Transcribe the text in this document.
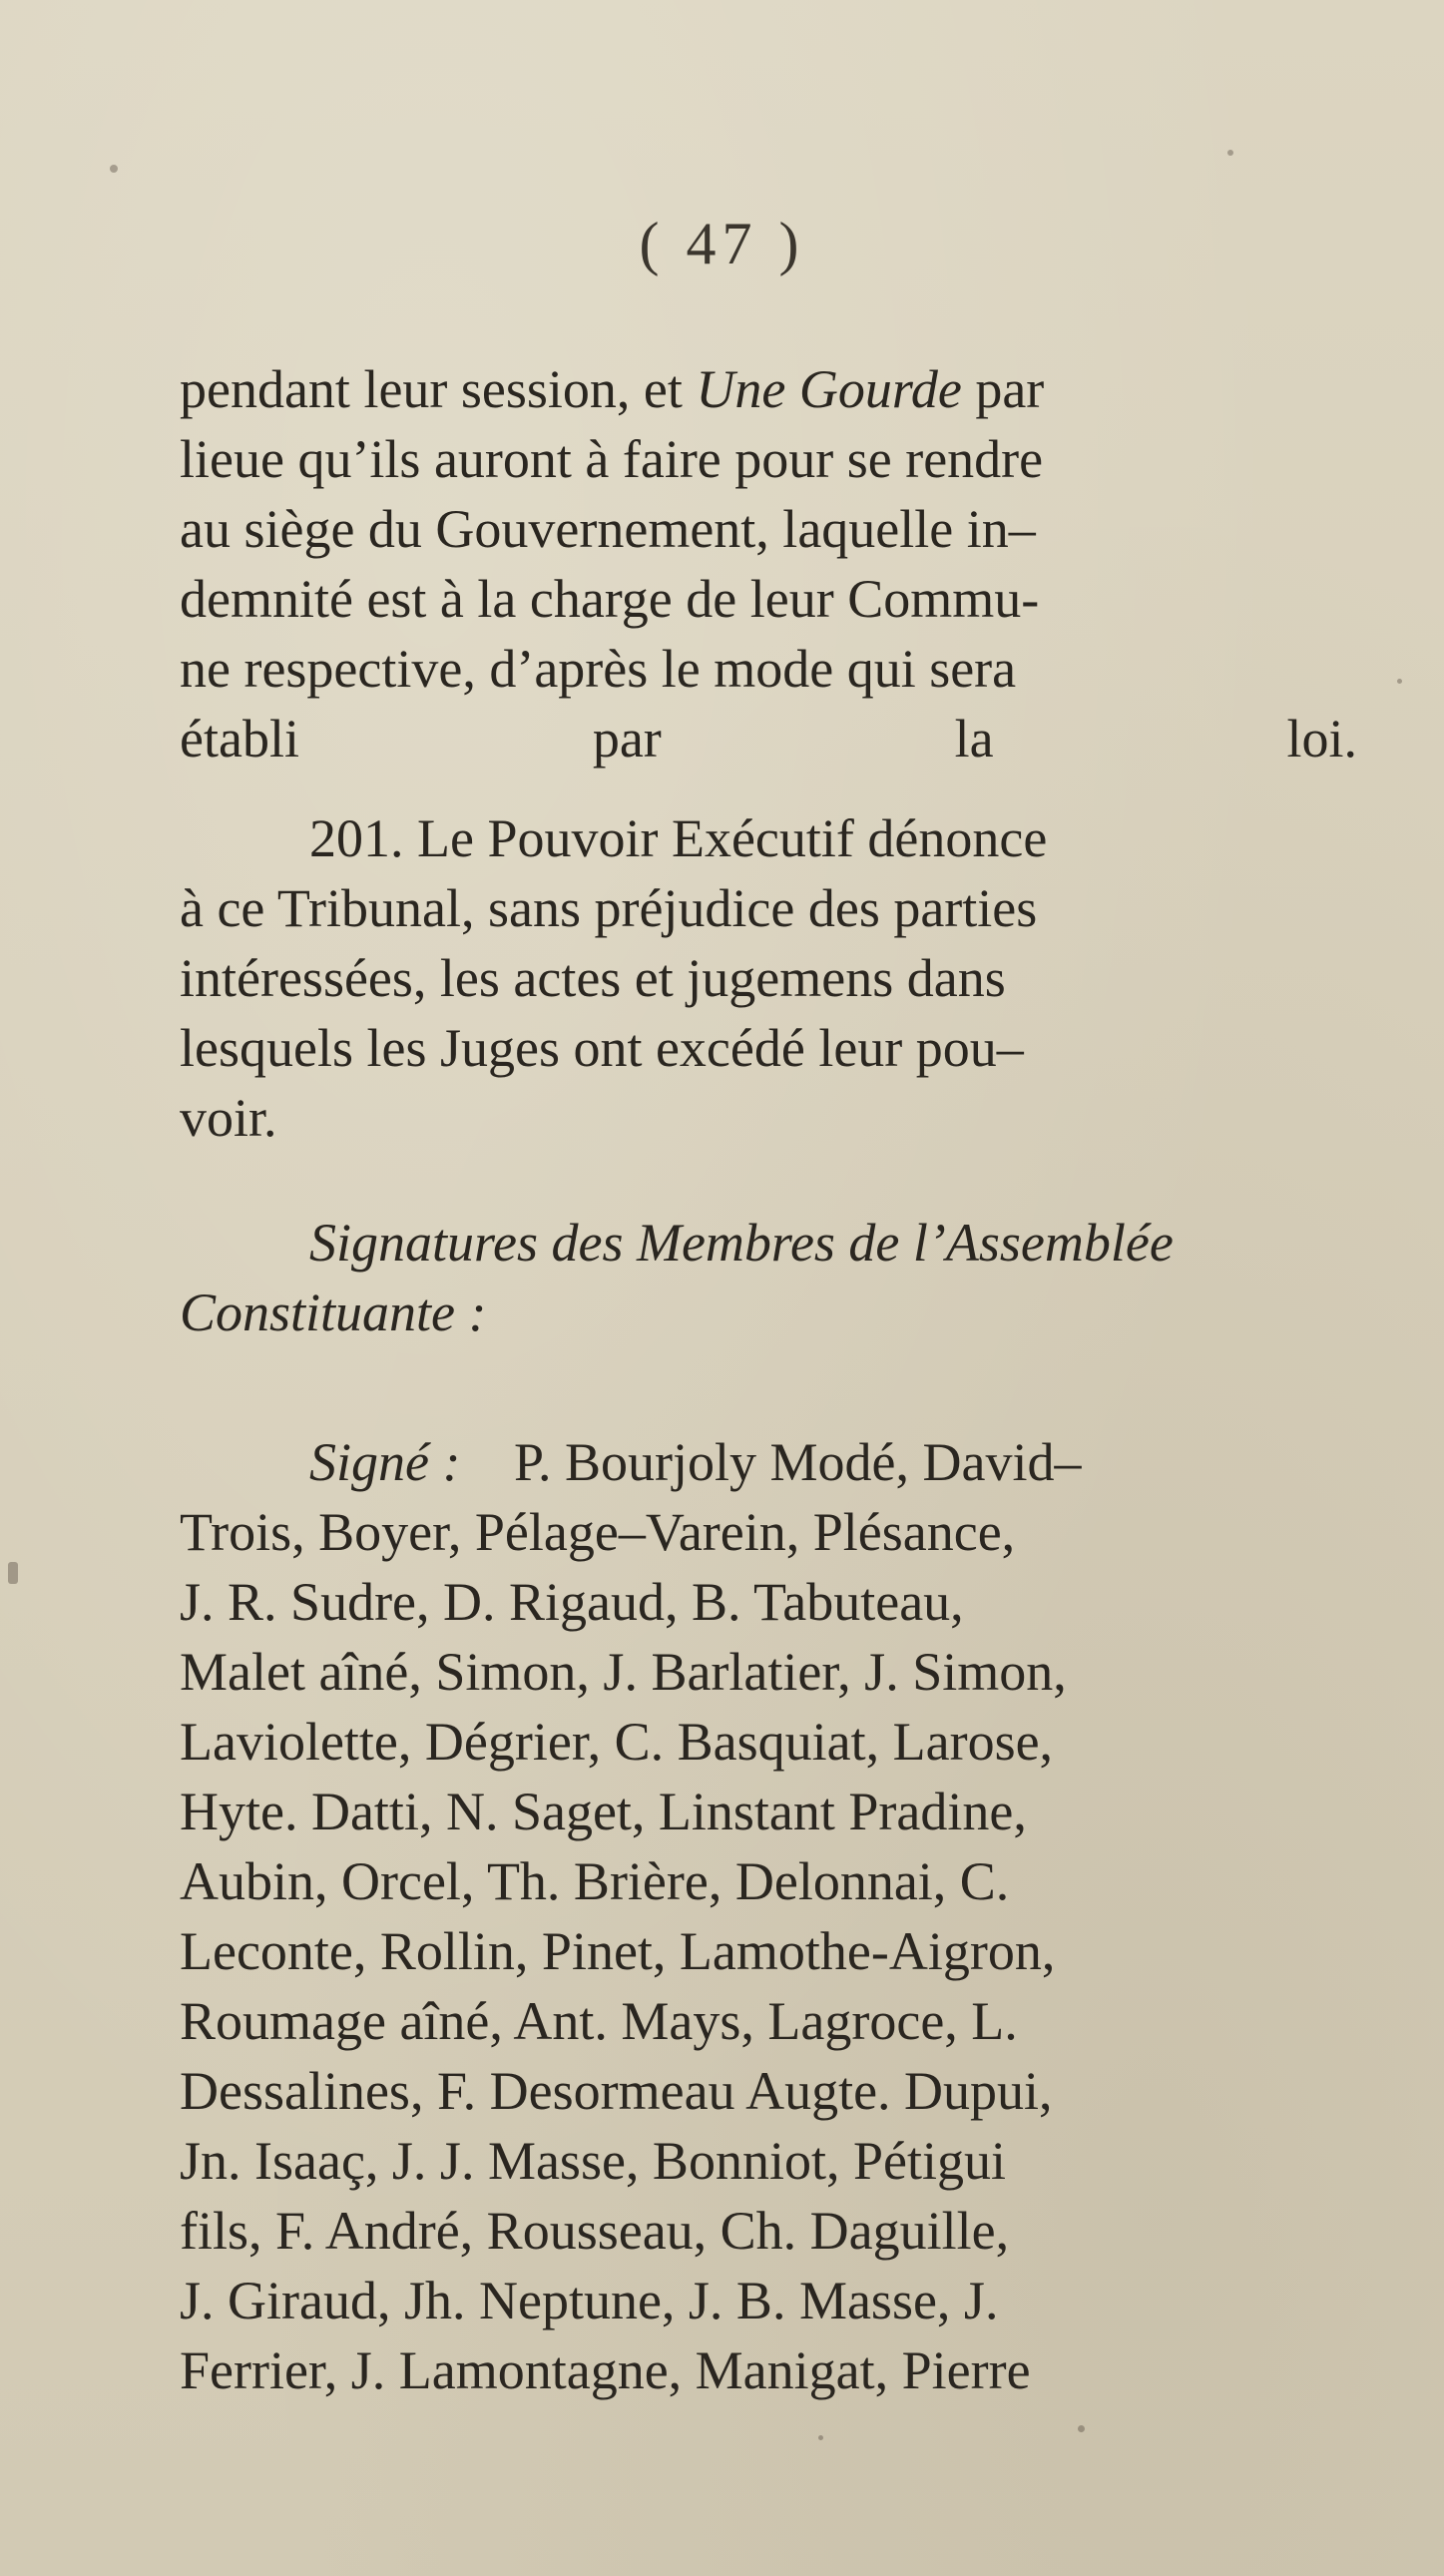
( 47 )
pendant leur session, et Une Gourde par
lieue qu’ils auront à faire pour se rendre
au siège du Gouvernement, laquelle in–
demnité est à la charge de leur Commu-
ne respective, d’après le mode qui sera
établi par la loi.
201. Le Pouvoir Exécutif dénonce
à ce Tribunal, sans préjudice des parties
intéressées, les actes et jugemens dans
lesquels les Juges ont excédé leur pou–
voir.
Signatures des Membres de l’Assemblée
Constituante :
Signé : P. Bourjoly Modé, David–
Trois, Boyer, Pélage–Varein, Plésance,
J. R. Sudre, D. Rigaud, B. Tabuteau,
Malet aîné, Simon, J. Barlatier, J. Simon,
Laviolette, Dégrier, C. Basquiat, Larose,
Hyte. Datti, N. Saget, Linstant Pradine,
Aubin, Orcel, Th. Brière, Delonnai, C.
Leconte, Rollin, Pinet, Lamothe-Aigron,
Roumage aîné, Ant. Mays, Lagroce, L.
Dessalines, F. Desormeau Augte. Dupui,
Jn. Isaaç, J. J. Masse, Bonniot, Pétigui
fils, F. André, Rousseau, Ch. Daguille,
J. Giraud, Jh. Neptune, J. B. Masse, J.
Ferrier, J. Lamontagne, Manigat, Pierre
